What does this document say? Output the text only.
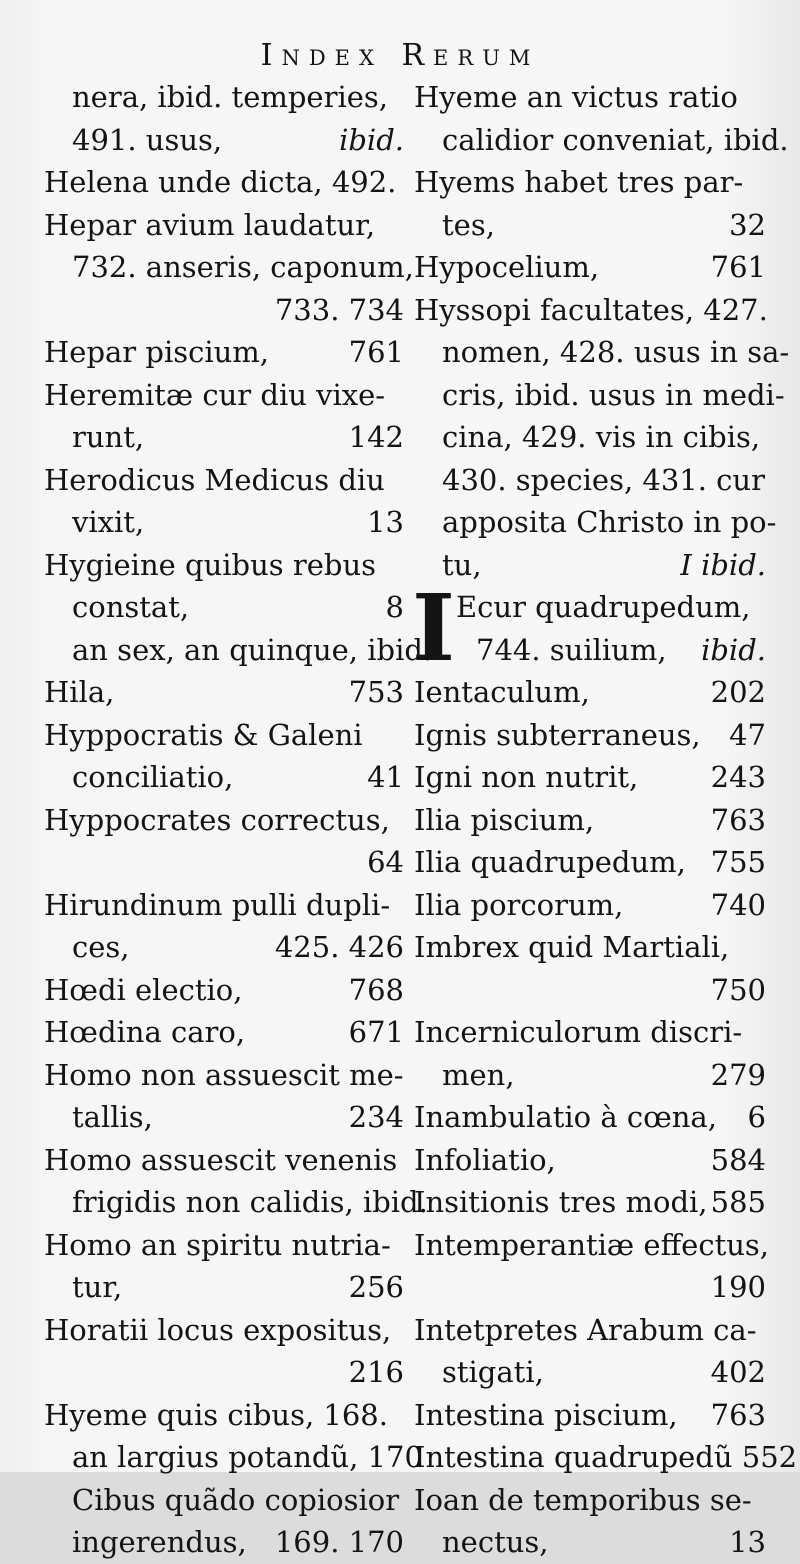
Index Rerum
nera, ibid. temperies,
491. usus,	ibid.
Helena unde dicta, 492.
Hepar avium laudatur,
732. anseris, caponum,
733. 734
Hepar piscium,	761
Heremitæ cur diu vixe-
runt,	142
Herodicus Medicus diu
vixit,	13
Hygieine quibus rebus
constat,	8
an sex, an quinque, ibid.
Hila,	753
Hyppocratis & Galeni
conciliatio,	41
Hyppocrates correctus,
64
Hirundinum pulli dupli-
ces,	425. 426
Hœdi electio,	768
Hœdina caro,	671
Homo non assuescit me-
tallis,	234
Homo assuescit venenis
frigidis non calidis, ibid.
Homo an spiritu nutria-
tur,	256
Horatii locus expositus,
216
Hyeme quis cibus, 168.
an largius potandũ, 170
Cibus quãdo copiosior
ingerendus, 169. 170
Hyeme an victus ratio
calidior conveniat, ibid.
Hyems habet tres par-
tes,	32
Hypocelium,	761
Hyssopi facultates, 427.
nomen, 428. usus in sa-
cris, ibid. usus in medi-
cina, 429. vis in cibis,
430. species, 431. cur
apposita Christo in po-
tu,	I ibid.
I Ecur quadrupedum,
744. suilium, ibid.
Ientaculum,	202
Ignis subterraneus, 47
Igni non nutrit, 243
Ilia piscium,	763
Ilia quadrupedum, 755
Ilia porcorum,	740
Imbrex quid Martiali,
750
Incerniculorum discri-
men,	279
Inambulatio à cœna, 6
Infoliatio,	584
Insitionis tres modi, 585
Intemperantiæ effectus,
190
Intetpretes Arabum ca-
stigati,	402
Intestina piscium, 763
Intestina quadrupedũ 552
Ioan de temporibus se-
nectus,	13
